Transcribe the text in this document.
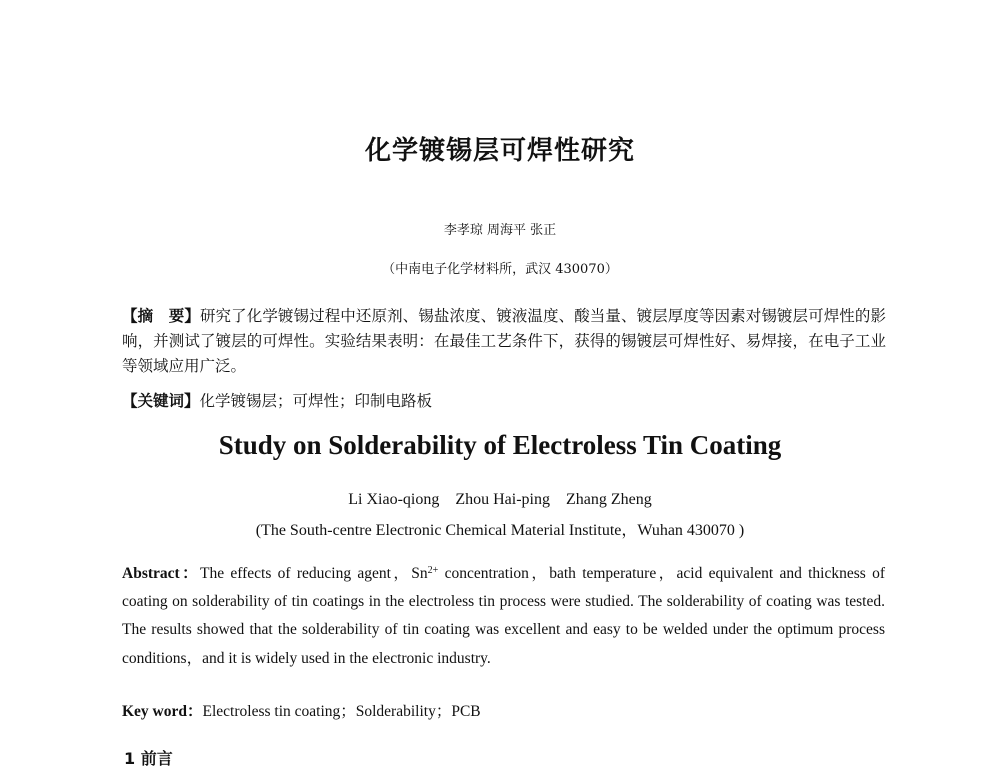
化学镀锡层可焊性研究
李孝琼 周海平 张正
（中南电子化学材料所，武汉 430070）
【摘　要】研究了化学镀锡过程中还原剂、锡盐浓度、镀液温度、酸当量、镀层厚度等因素对锡镀层可焊性的影响，并测试了镀层的可焊性。实验结果表明：在最佳工艺条件下，获得的锡镀层可焊性好、易焊接，在电子工业等领域应用广泛。
【关键词】化学镀锡层；可焊性；印制电路板
Study on Solderability of Electroless Tin Coating
Li Xiao-qiong    Zhou Hai-ping    Zhang Zheng
(The South-centre Electronic Chemical Material Institute，Wuhan 430070 )
Abstract：The effects of reducing agent，$Sn^{2+}$ concentration，bath temperature，acid equivalent and thickness of coating on solderability of tin coatings in the electroless tin process were studied. The solderability of coating was tested. The results showed that the solderability of tin coating was excellent and easy to be welded under the optimum process conditions，and it is widely used in the electronic industry.
Key word：Electroless tin coating；Solderability；PCB
1 前言
